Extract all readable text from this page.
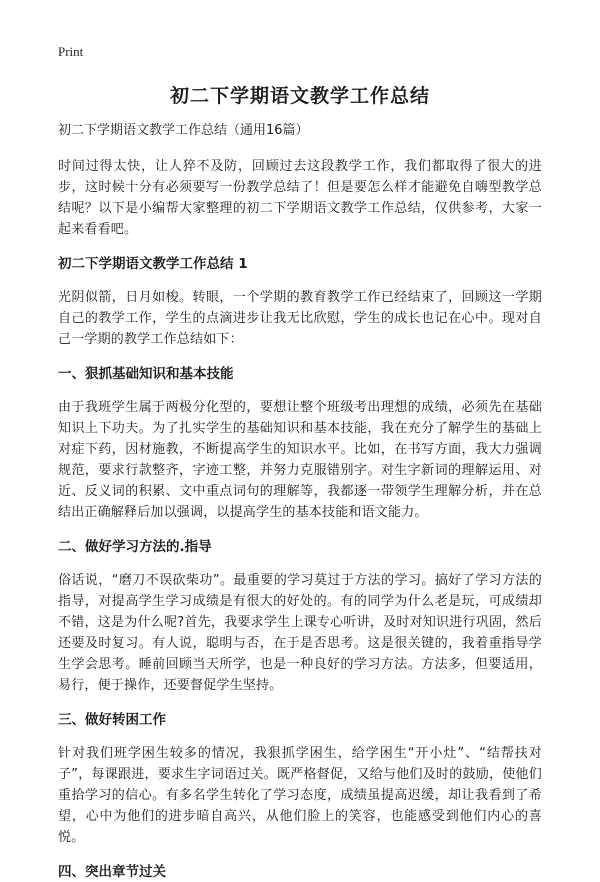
Print
初二下学期语文教学工作总结

初二下学期语文教学工作总结（通用16篇）

时间过得太快，让人猝不及防，回顾过去这段教学工作，我们都取得了很大的进步，这时候十分有必须要写一份教学总结了！但是要怎么样才能避免自嗨型教学总结呢？以下是小编帮大家整理的初二下学期语文教学工作总结，仅供参考，大家一起来看看吧。

初二下学期语文教学工作总结 1

光阴似箭，日月如梭。转眼，一个学期的教育教学工作已经结束了，回顾这一学期自己的教学工作，学生的点滴进步让我无比欣慰，学生的成长也记在心中。现对自己一学期的教学工作总结如下：

一、狠抓基础知识和基本技能

由于我班学生属于两极分化型的，要想让整个班级考出理想的成绩，必须先在基础知识上下功夫。为了扎实学生的基础知识和基本技能，我在充分了解学生的基础上对症下药，因材施教，不断提高学生的知识水平。比如，在书写方面，我大力强调规范，要求行款整齐，字迹工整，并努力克服错别字。对生字新词的理解运用、对近、反义词的积累、文中重点词句的理解等，我都逐一带领学生理解分析，并在总结出正确解释后加以强调，以提高学生的基本技能和语文能力。

二、做好学习方法的.指导

俗话说，“磨刀不误砍柴功”。最重要的学习莫过于方法的学习。搞好了学习方法的指导，对提高学生学习成绩是有很大的好处的。有的同学为什么老是玩，可成绩却不错，这是为什么呢?首先，我要求学生上课专心听讲，及时对知识进行巩固，然后还要及时复习。有人说，聪明与否，在于是否思考。这是很关键的，我着重指导学生学会思考。睡前回顾当天所学，也是一种良好的学习方法。方法多，但要适用，易行，便于操作，还要督促学生坚持。

三、做好转困工作

针对我们班学困生较多的情况，我狠抓学困生，给学困生“开小灶”、“结帮扶对子”，每课跟进，要求生字词语过关。既严格督促，又给与他们及时的鼓励，使他们重拾学习的信心。有多名学生转化了学习态度，成绩虽提高迟缓，却让我看到了希望，心中为他们的进步暗自高兴，从他们脸上的笑容，也能感受到他们内心的喜悦。

四、突出章节过关
